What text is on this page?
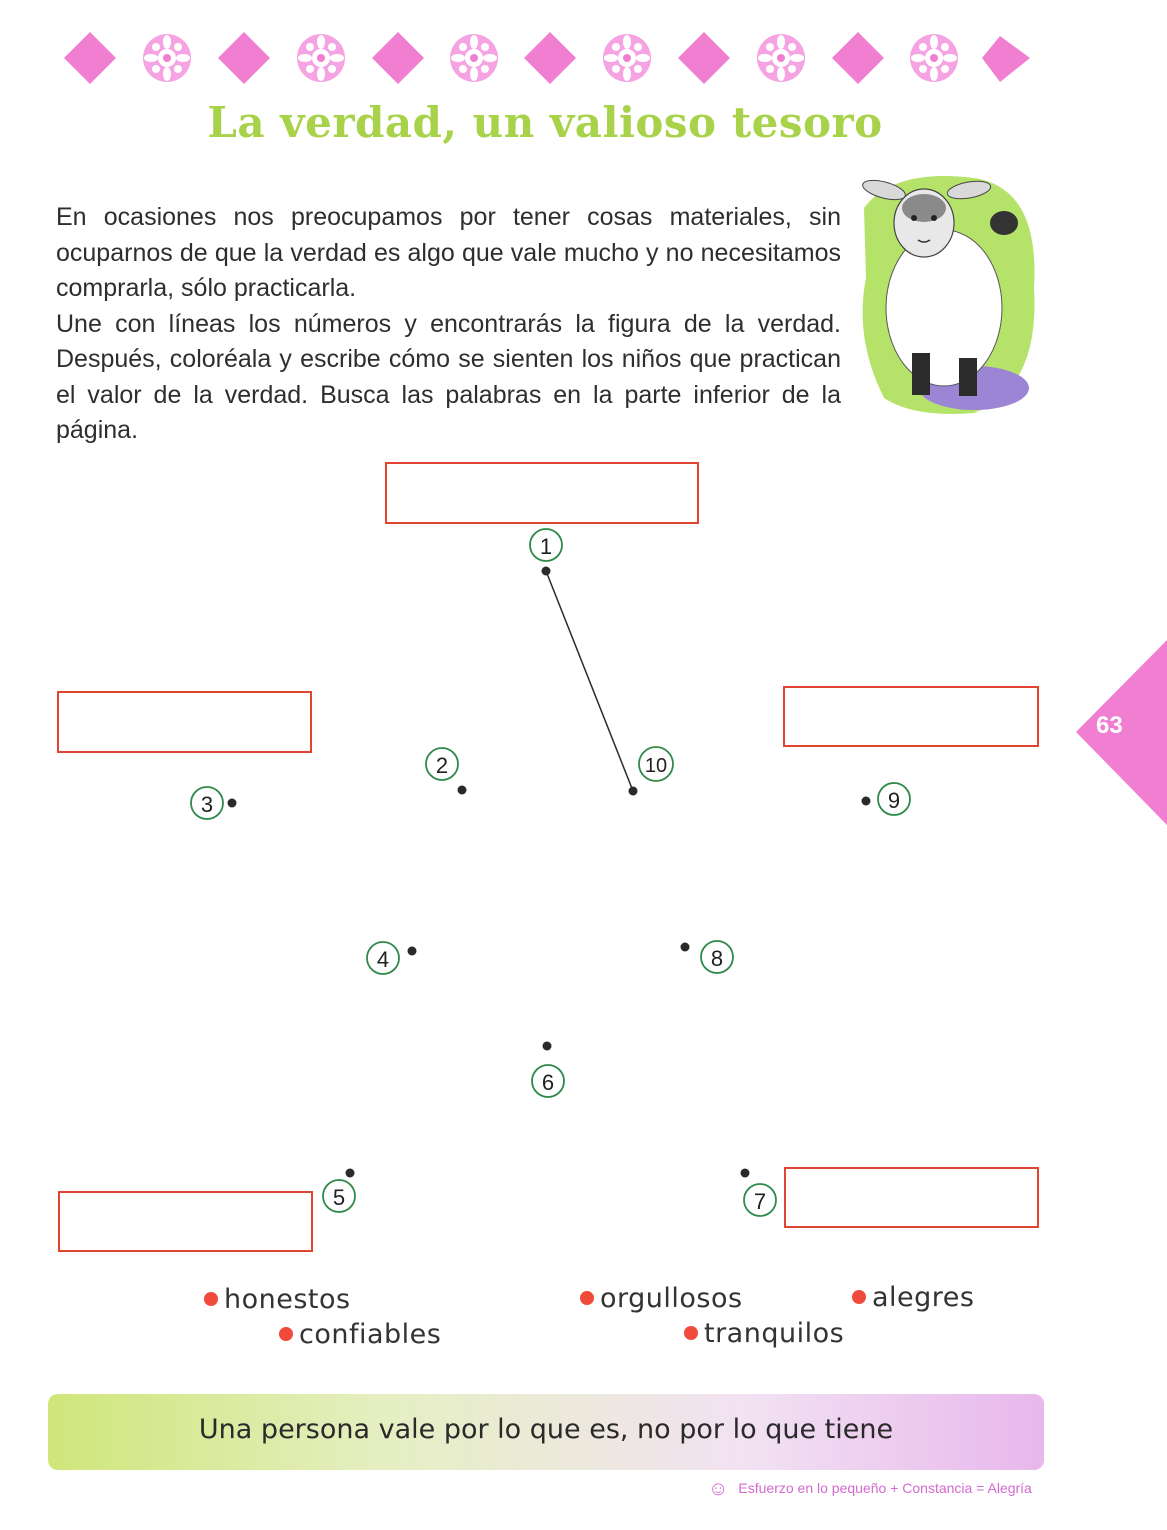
La verdad, un valioso tesoro

En ocasiones nos preocupamos por tener cosas materiales, sin ocuparnos de que la verdad es algo que vale mucho y no necesitamos comprarla, sólo practicarla.

Une con líneas los números y encontrarás la figura de la verdad. Después, coloréala y escribe cómo se sienten los niños que practican el valor de la verdad. Busca las palabras en la parte inferior de la página.

1
2
3
4
5
6
7
8
9
10
63
honestos	orgullosos	alegres
confiables	tranquilos
Una persona vale por lo que es, no por lo que tiene
☺ Esfuerzo en lo pequeño + Constancia = Alegría
